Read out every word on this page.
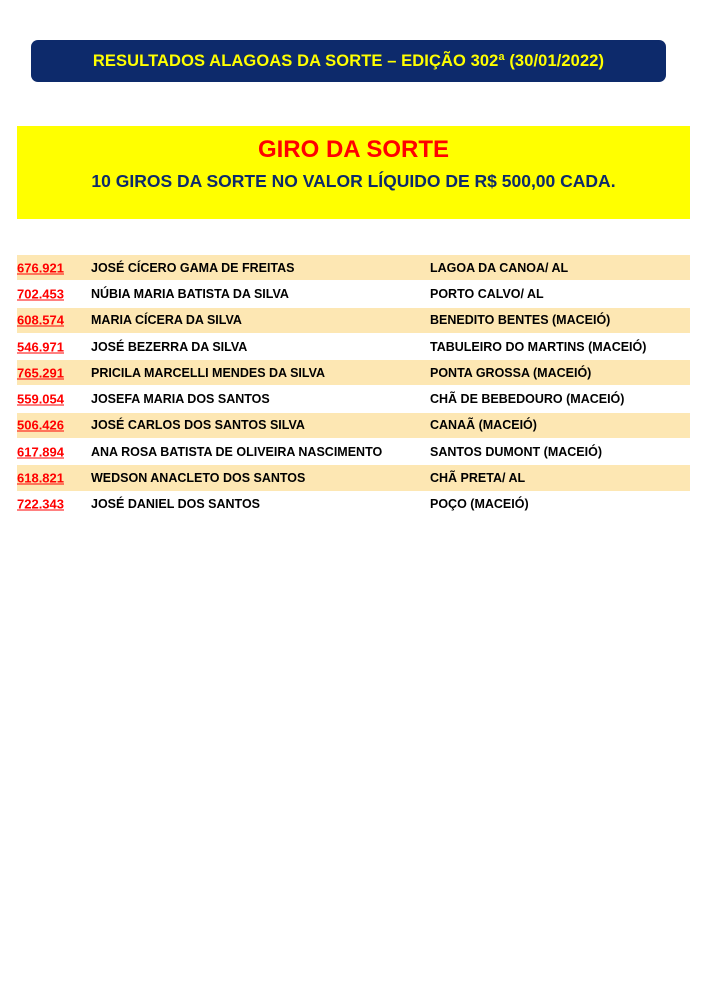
RESULTADOS ALAGOAS DA SORTE – EDIÇÃO 302ª (30/01/2022)
GIRO DA SORTE
10 GIROS DA SORTE NO VALOR LÍQUIDO DE R$ 500,00 CADA.
676.921 JOSÉ CÍCERO GAMA DE FREITAS	LAGOA DA CANOA/ AL
702.453 NÚBIA MARIA BATISTA DA SILVA	PORTO CALVO/ AL
608.574 MARIA CÍCERA DA SILVA	BENEDITO BENTES (MACEIÓ)
546.971 JOSÉ BEZERRA DA SILVA	TABULEIRO DO MARTINS (MACEIÓ)
765.291 PRICILA MARCELLI MENDES DA SILVA	PONTA GROSSA (MACEIÓ)
559.054 JOSEFA MARIA DOS SANTOS	CHÃ DE BEBEDOURO (MACEIÓ)
506.426 JOSÉ CARLOS DOS SANTOS SILVA	CANAÃ (MACEIÓ)
617.894 ANA ROSA BATISTA DE OLIVEIRA NASCIMENTO	SANTOS DUMONT (MACEIÓ)
618.821 WEDSON ANACLETO DOS SANTOS	CHÃ PRETA/ AL
722.343 JOSÉ DANIEL DOS SANTOS	POÇO (MACEIÓ)
